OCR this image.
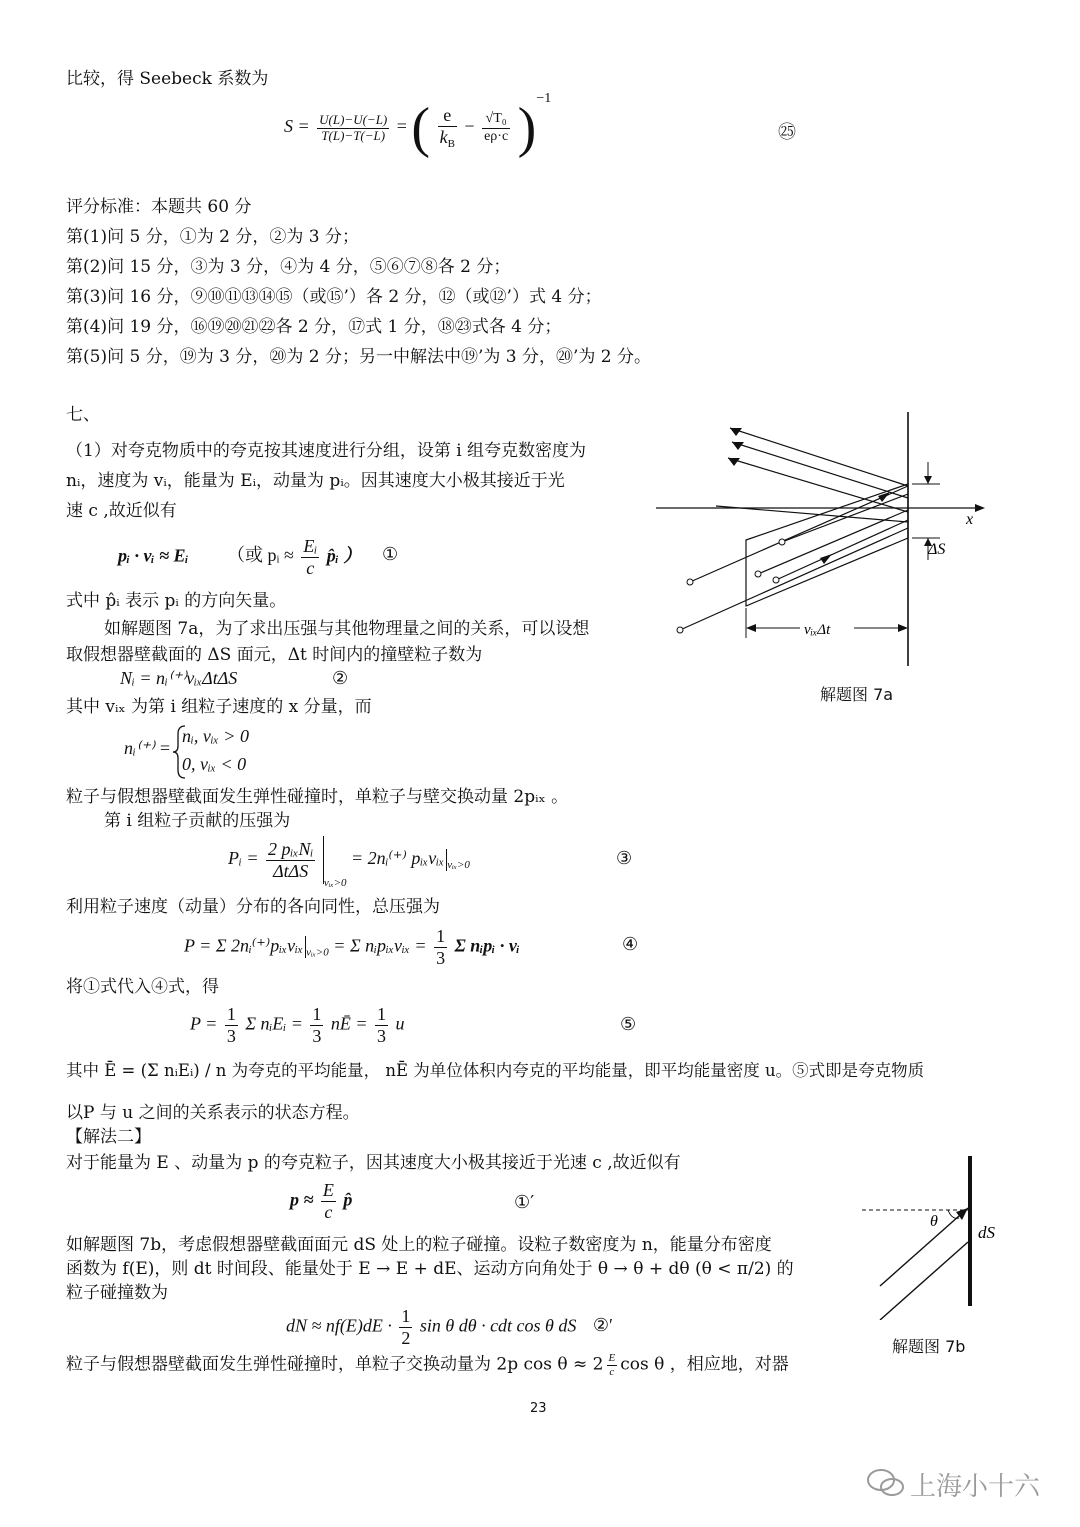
比较，得 Seebeck 系数为
$S = \frac{U(L)-U(-L)}{T(L)-T(-L)}$ = ( $\frac{e}{k_B} - \frac{\text{√T₀}}{e\rho\cdot c} )^{-1}$
㉕
评分标准：本题共 60 分
第(1)问 5 分，①为 2 分，②为 3 分；
第(2)问 15 分，③为 3 分，④为 4 分，⑤⑥⑦⑧各 2 分；
第(3)问 16 分，⑨⑩⑪⑬⑭⑮（或⑮’）各 2 分，⑫（或⑫’）式 4 分；
第(4)问 19 分，⑯⑲⑳㉑㉒各 2 分，⑰式 1 分，⑱㉓式各 4 分；
第(5)问 5 分，⑲为 3 分，⑳为 2 分；另一中解法中⑲’为 3 分，⑳’为 2 分。
七、
（1）对夸克物质中的夸克按其速度进行分组，设第 i 组夸克数密度为
nᵢ，速度为 vᵢ，能量为 Eᵢ，动量为 pᵢ。因其速度大小极其接近于光
速 c ,故近似有
pᵢ · vᵢ ≈ Eᵢ （或 pᵢ ≈ $\frac{\text{Eᵢ}}{c}$ p̂ᵢ ） ①
式中 p̂ᵢ 表示 pᵢ 的方向矢量。
如解题图 7a，为了求出压强与其他物理量之间的关系，可以设想
取假想器壁截面的 ΔS 面元，Δt 时间内的撞壁粒子数为
Nᵢ = nᵢ⁽⁺⁾vᵢₓΔtΔS	②
其中 vᵢₓ 为第 i 组粒子速度的 x 分量，而
nᵢ⁽⁺⁾ =
nᵢ, vᵢₓ > 0
0, vᵢₓ < 0
粒子与假想器壁截面发生弹性碰撞时，单粒子与壁交换动量 2pᵢₓ 。
第 i 组粒子贡献的压强为
Pᵢ = $\frac{\text{2 pᵢₓNᵢ}}{\text{ΔtΔS}}$
$_{vᵢ_x>0}$ = 2nᵢ⁽⁺⁾ pᵢₓvᵢₓ $_{vᵢ_x>0}$	③
利用粒子速度（动量）分布的各向同性，总压强为
P = Σ 2nᵢ⁽⁺⁾pᵢₓvᵢₓ $_{vᵢ_x>0}$ = Σ nᵢpᵢₓvᵢₓ = $\frac{1}{3}$ Σ nᵢpᵢ · vᵢ	④
将①式代入④式，得
$P = \frac{1}{3}$ Σ nᵢEᵢ = $\frac{1}{3}$ nĒ = $\frac{1}{3}$ u	⑤
其中 Ē = (Σ nᵢEᵢ) / n 为夸克的平均能量， nĒ 为单位体积内夸克的平均能量，即平均能量密度 u。⑤式即是夸克物质
以P 与 u 之间的关系表示的状态方程。
【解法二】
对于能量为 E 、动量为 p 的夸克粒子，因其速度大小极其接近于光速 c ,故近似有
$p \approx \frac{E}{c}$ p̂	①′
如解题图 7b，考虑假想器壁截面面元 dS 处上的粒子碰撞。设粒子数密度为 n，能量分布密度
函数为 f(E)，则 dt 时间段、能量处于 E → E + dE、运动方向角处于 θ → θ + dθ (θ < π/2) 的
粒子碰撞数为
dN ≈ $nf(E)dE \cdot \frac{1}{2}$ sin θ dθ · cdt cos θ dS ②′
粒子与假想器壁截面发生弹性碰撞时，单粒子交换动量为 2p $\cos \theta \approx 2 \frac{E}{c}$ cos θ ，相应地，对器
ΔS
x
vᵢₓΔt
解题图 7a
θ
dS
解题图 7b
23
上海小十六
